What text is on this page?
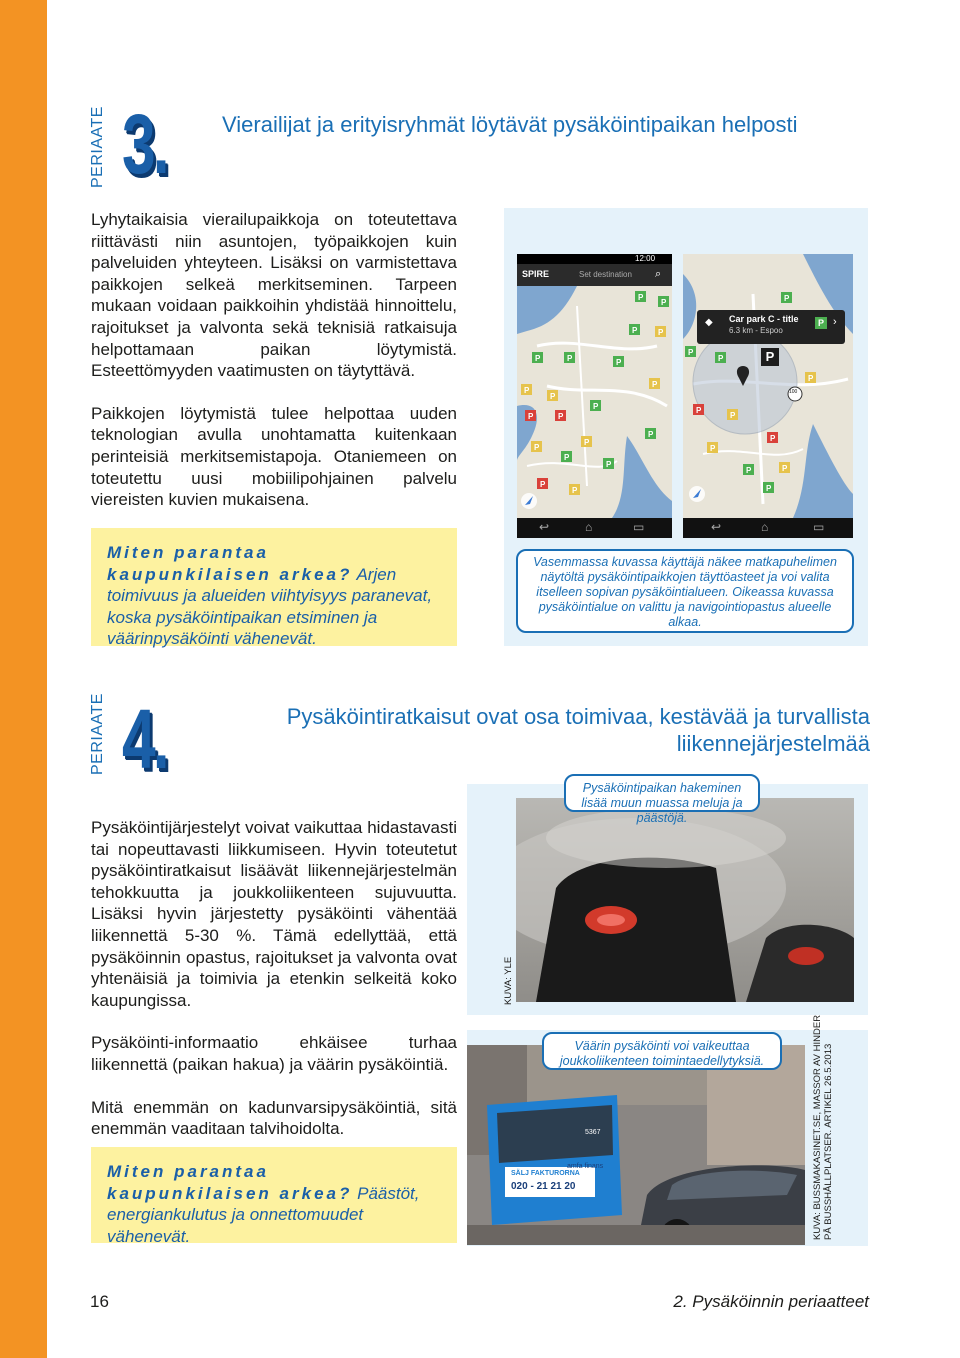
PERIAATE 3.	Vierailijat ja erityisryhmät löytävät pysäköintipaikan helposti

Lyhytaikaisia vierailupaikkoja on toteutettava riittävästi niin asuntojen, työpaikkojen kuin palveluiden yhteyteen. Lisäksi on varmistettava paikkojen selkeä merkitseminen. Tarpeen mukaan voidaan paikkoihin yhdistää hinnoittelu, rajoitukset ja valvonta sekä teknisiä ratkaisuja helpottamaan paikan löytymistä. Esteettömyyden vaatimusten on täytyttävä.

Paikkojen löytymistä tulee helpottaa uuden teknologian avulla unohtamatta kuitenkaan perinteisiä merkitsemistapoja. Otaniemeen on toteutettu uusi mobiilipohjainen palvelu viereisten kuvien mukaisena.

Miten parantaa kaupunkilaisen arkea? Arjen toimivuus ja alueiden viihtyisyys paranevat, koska pysäköintipaikan etsiminen ja väärinpysäköinti vähenevät.
12:00
SPIRE	Set destination ⌕
P
P
P	P
P	P	P
P
P
P
P
P	P
P
P
P
P
P
P
P
↩	⌂	▭
P
P
P
P
P
P
P
P
P	P
P
◆ Car park C - title
6.3 km - Espoo
P ›
P
100
↩	⌂	▭
Vasemmassa kuvassa käyttäjä näkee matkapuhelimen näytöltä pysäköintipaikkojen täyttöasteet ja voi valita itselleen sopivan pysäköintialueen. Oikeassa kuvassa pysäköintialue on valittu ja navigointiopastus alueelle alkaa.
PERIAATE 4.	Pysäköintiratkaisut ovat osa toimivaa, kestävää ja turvallista liikennejärjestelmää

Pysäköintijärjestelyt voivat vaikuttaa hidastavasti tai nopeuttavasti liikkumiseen. Hyvin toteutetut pysäköintiratkaisut lisäävät liikennejärjestelmän tehokkuutta ja joukkoliikenteen sujuvuutta. Lisäksi hyvin järjestetty pysäköinti vähentää liikennettä 5-30 %. Tämä edellyttää, että pysäköinnin opastus, rajoitukset ja valvonta ovat yhtenäisiä ja toimivia ja etenkin selkeitä koko kaupungissa.

Pysäköinti-informaatio ehkäisee turhaa liikennettä (paikan hakua) ja väärin pysäköintiä.

Mitä enemmän on kadunvarsipysäköintiä, sitä enemmän vaaditaan talvihoidolta.

Miten parantaa kaupunkilaisen arkea? Päästöt, energiankulutus ja onnettomuudet vähenevät.
Pysäköintipaikan hakeminen lisää muun muassa meluja ja päästöjä.
KUVA: YLE
SÄLJ FAKTURORNA
020 - 21 21 20
amfa finans
5367
Väärin pysäköinti voi vaikeuttaa joukkoliikenteen toimintaedellytyksiä.	KUVA: BUSSMAKASINET.SE, MASSOR AV HINDER PÅ BUSSHÅLLPLATSER. ARTIKEL 26.5.2013
16	2. Pysäköinnin periaatteet
